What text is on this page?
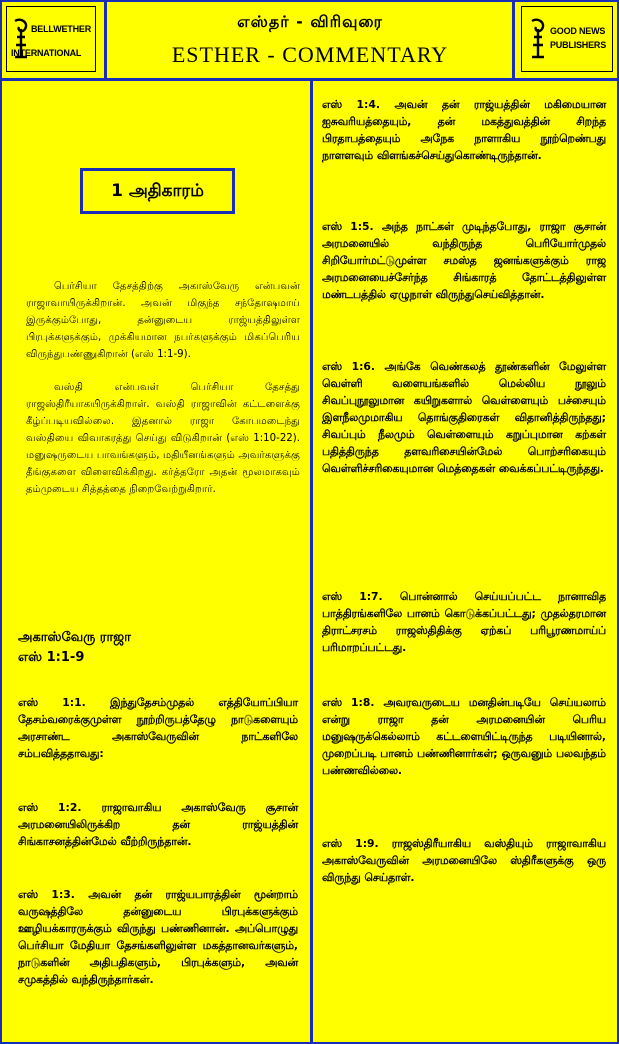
BELLWETHER
INTERNATIONAL
எஸ்தர் - விரிவுரை
ESTHER - COMMENTARY
GOOD NEWS
PUBLISHERS
1 அதிகாரம்

பெர்சியா தேசத்திற்கு அகாஸ்வேரு என்பவன் ராஜாவாயிருக்கிறான். அவன் மிகுந்த சந்தோஷமாய் இருக்கும்போது, தன்னுடைய ராஜ்யத்திலுள்ள பிரபுக்களுக்கும், முக்கியமான நபர்களுக்கும் மிகப்பெரிய விருந்துபண்ணுகிறான் (எஸ் 1:1-9).

வஸ்தி என்பவள் பெர்சியா தேசத்து ராஜஸ்திரீயாகயிருக்கிறாள். வஸ்தி ராஜாவின் கட்டளைக்கு கீழ்ப்படியவில்லை. இதனால் ராஜா கோபமடைந்து வஸ்தியை விவாகரத்து செய்து விடுகிறான் (எஸ் 1:10-22). மனுஷருடைய பாவங்களும், மதியீனங்களும் அவர்களுக்கு தீங்குகளை விளைவிக்கிறது. கர்த்தரோ அதன் மூலமாகவும் தம்முடைய சித்தத்தை நிறைவேற்றுகிறார்.

அகாஸ்வேரு ராஜா
எஸ் 1:1-9

எஸ் 1:1. இந்துதேசம்முதல் எத்தியோப்பியா தேசம்வரைக்குமுள்ள நூற்றிருபத்தேழு நாடுகளையும் அரசாண்ட அகாஸ்வேருவின் நாட்களிலே சம்பவித்ததாவது:

எஸ் 1:2. ராஜாவாகிய அகாஸ்வேரு சூசான் அரமனையிலிருக்கிற தன் ராஜ்யத்தின் சிங்காசனத்தின்மேல் வீற்றிருந்தான்.

எஸ் 1:3. அவன் தன் ராஜ்யபாரத்தின் மூன்றாம் வருஷத்திலே தன்னுடைய பிரபுக்களுக்கும் ஊழியக்காரருக்கும் விருந்து பண்ணினான். அப்பொழுது பெர்சியா மேதியா தேசங்களிலுள்ள மகத்தானவர்களும், நாடுகளின் அதிபதிகளும், பிரபுக்களும், அவன் சமுகத்தில் வந்திருந்தார்கள்.

எஸ் 1:4. அவன் தன் ராஜ்யத்தின் மகிமையான ஐசுவரியத்தையும், தன் மகத்துவத்தின் சிறந்த பிரதாபத்தையும் அநேக நாளாகிய நூற்றெண்பது நாளளவும் விளங்கச்செய்துகொண்டிருந்தான்.

எஸ் 1:5. அந்த நாட்கள் முடிந்தபோது, ராஜா சூசான் அரமனையில் வந்திருந்த பெரியோர்முதல் சிறியோர்மட்டுமுள்ள சமஸ்த ஜனங்களுக்கும் ராஜ அரமனையைச்சேர்ந்த சிங்காரத் தோட்டத்திலுள்ள மண்டபத்தில் ஏழுநாள் விருந்துசெய்வித்தான்.

எஸ் 1:6. அங்கே வெண்கலத் தூண்களின் மேலுள்ள வெள்ளி வளையங்களில் மெல்லிய நூலும் சிவப்புநூலுமான கயிறுகளால் வெள்ளையும் பச்சையும் இளநீலமுமாகிய தொங்குதிரைகள் விதானித்திருந்தது; சிவப்பும் நீலமும் வெள்ளையும் கறுப்புமான கற்கள் பதித்திருந்த தளவரிசையின்மேல் பொற்சரிகையும் வெள்ளிச்சரிகையுமான மெத்தைகள் வைக்கப்பட்டிருந்தது.

எஸ் 1:7. பொன்னால் செய்யப்பட்ட நானாவித பாத்திரங்களிலே பானம் கொடுக்கப்பட்டது; முதல்தரமான திராட்சரசம் ராஜஸ்திதிக்கு ஏற்கப் பரிபூரணமாய்ப் பரிமாறப்பட்டது.

எஸ் 1:8. அவரவருடைய மனதின்படியே செய்யலாம் என்று ராஜா தன் அரமனையின் பெரிய மனுஷருக்கெல்லாம் கட்டளையிட்டிருந்த படியினால், முறைப்படி பானம் பண்ணினார்கள்; ஒருவனும் பலவந்தம் பண்ணவில்லை.

எஸ் 1:9. ராஜஸ்திரீயாகிய வஸ்தியும் ராஜாவாகிய அகாஸ்வேருவின் அரமனையிலே ஸ்திரீகளுக்கு ஒரு விருந்து செய்தாள்.
